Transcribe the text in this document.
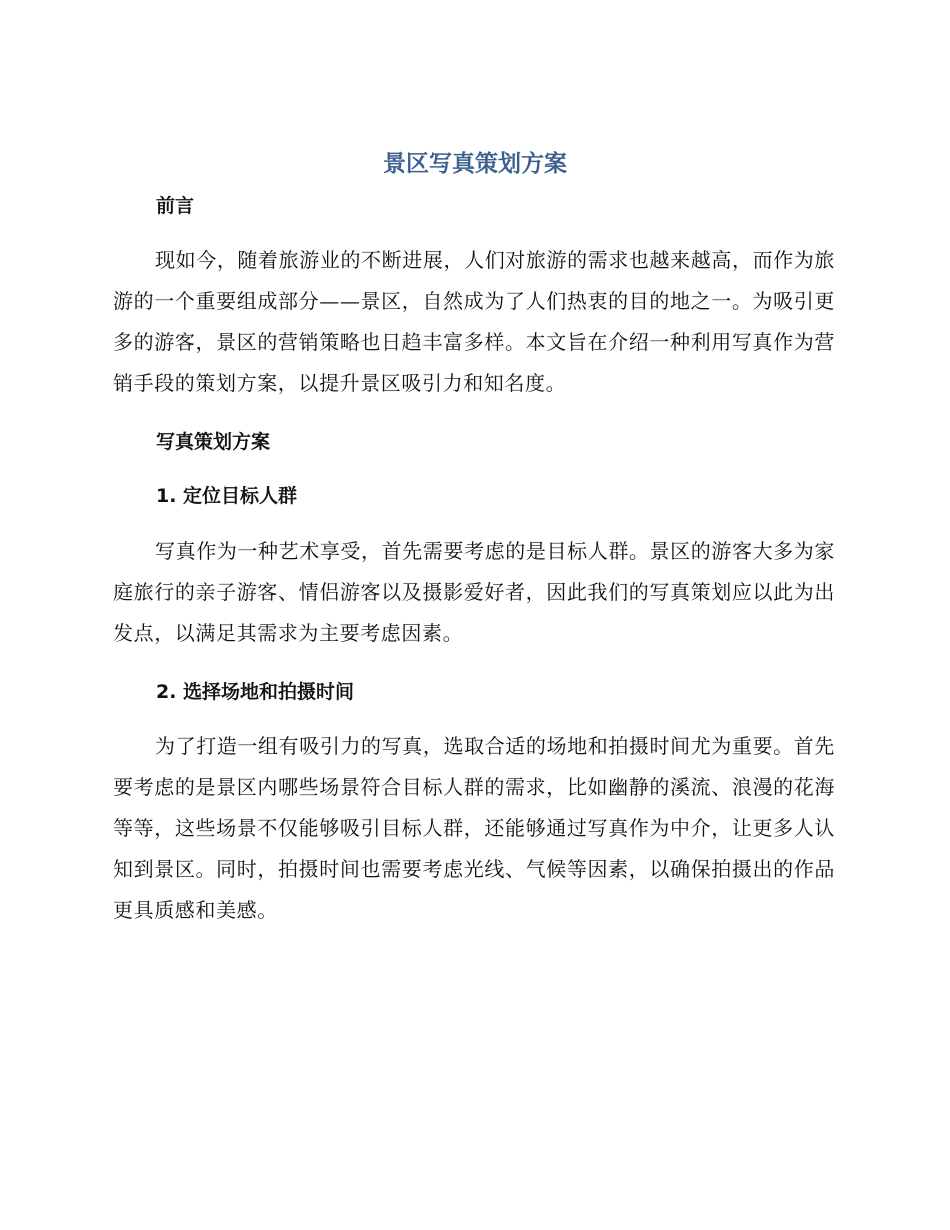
景区写真策划方案
前言

现如今，随着旅游业的不断进展，人们对旅游的需求也越来越高，而作为旅游的一个重要组成部分——景区，自然成为了人们热衷的目的地之一。为吸引更多的游客，景区的营销策略也日趋丰富多样。本文旨在介绍一种利用写真作为营销手段的策划方案，以提升景区吸引力和知名度。

写真策划方案
1. 定位目标人群

写真作为一种艺术享受，首先需要考虑的是目标人群。景区的游客大多为家庭旅行的亲子游客、情侣游客以及摄影爱好者，因此我们的写真策划应以此为出发点，以满足其需求为主要考虑因素。

2. 选择场地和拍摄时间

为了打造一组有吸引力的写真，选取合适的场地和拍摄时间尤为重要。首先要考虑的是景区内哪些场景符合目标人群的需求，比如幽静的溪流、浪漫的花海等等，这些场景不仅能够吸引目标人群，还能够通过写真作为中介，让更多人认知到景区。同时，拍摄时间也需要考虑光线、气候等因素，以确保拍摄出的作品更具质感和美感。
